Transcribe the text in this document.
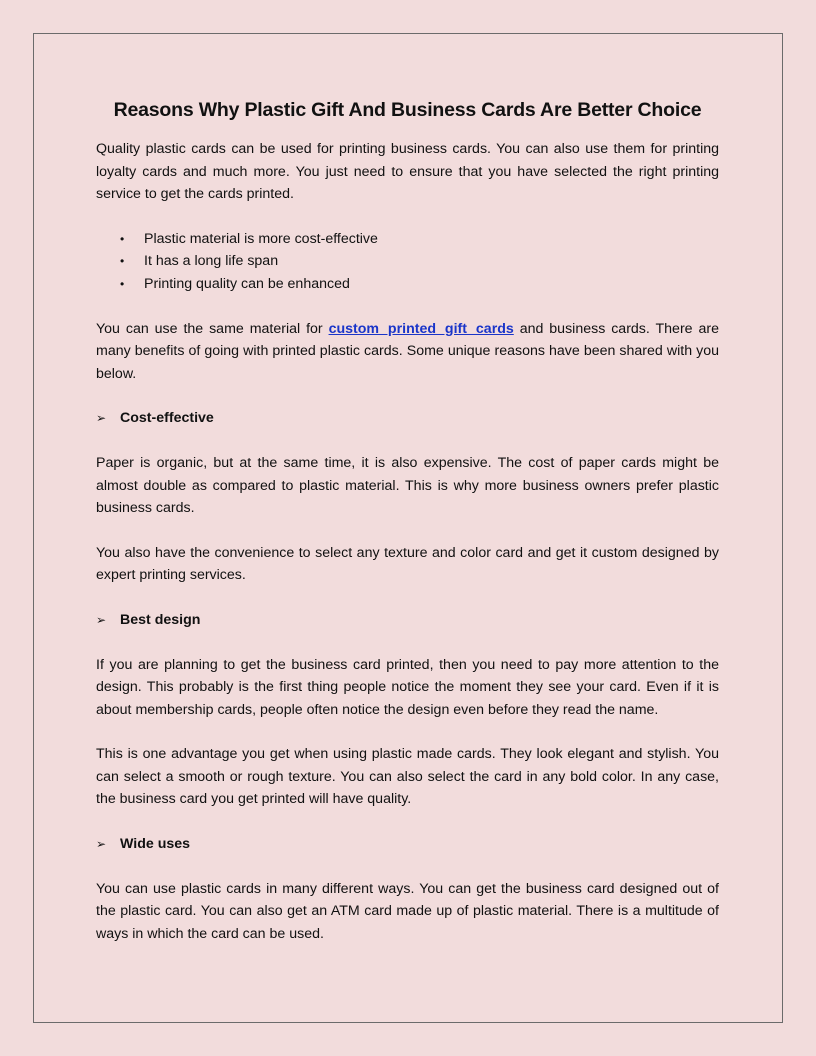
Reasons Why Plastic Gift And Business Cards Are Better Choice

Quality plastic cards can be used for printing business cards. You can also use them for printing loyalty cards and much more. You just need to ensure that you have selected the right printing service to get the cards printed.

• Plastic material is more cost-effective
• It has a long life span
• Printing quality can be enhanced

You can use the same material for custom printed gift cards and business cards. There are many benefits of going with printed plastic cards. Some unique reasons have been shared with you below.

➢ Cost-effective

Paper is organic, but at the same time, it is also expensive. The cost of paper cards might be almost double as compared to plastic material. This is why more business owners prefer plastic business cards.

You also have the convenience to select any texture and color card and get it custom designed by expert printing services.

➢ Best design

If you are planning to get the business card printed, then you need to pay more attention to the design. This probably is the first thing people notice the moment they see your card. Even if it is about membership cards, people often notice the design even before they read the name.

This is one advantage you get when using plastic made cards. They look elegant and stylish. You can select a smooth or rough texture. You can also select the card in any bold color. In any case, the business card you get printed will have quality.

➢ Wide uses

You can use plastic cards in many different ways. You can get the business card designed out of the plastic card. You can also get an ATM card made up of plastic material. There is a multitude of ways in which the card can be used.
